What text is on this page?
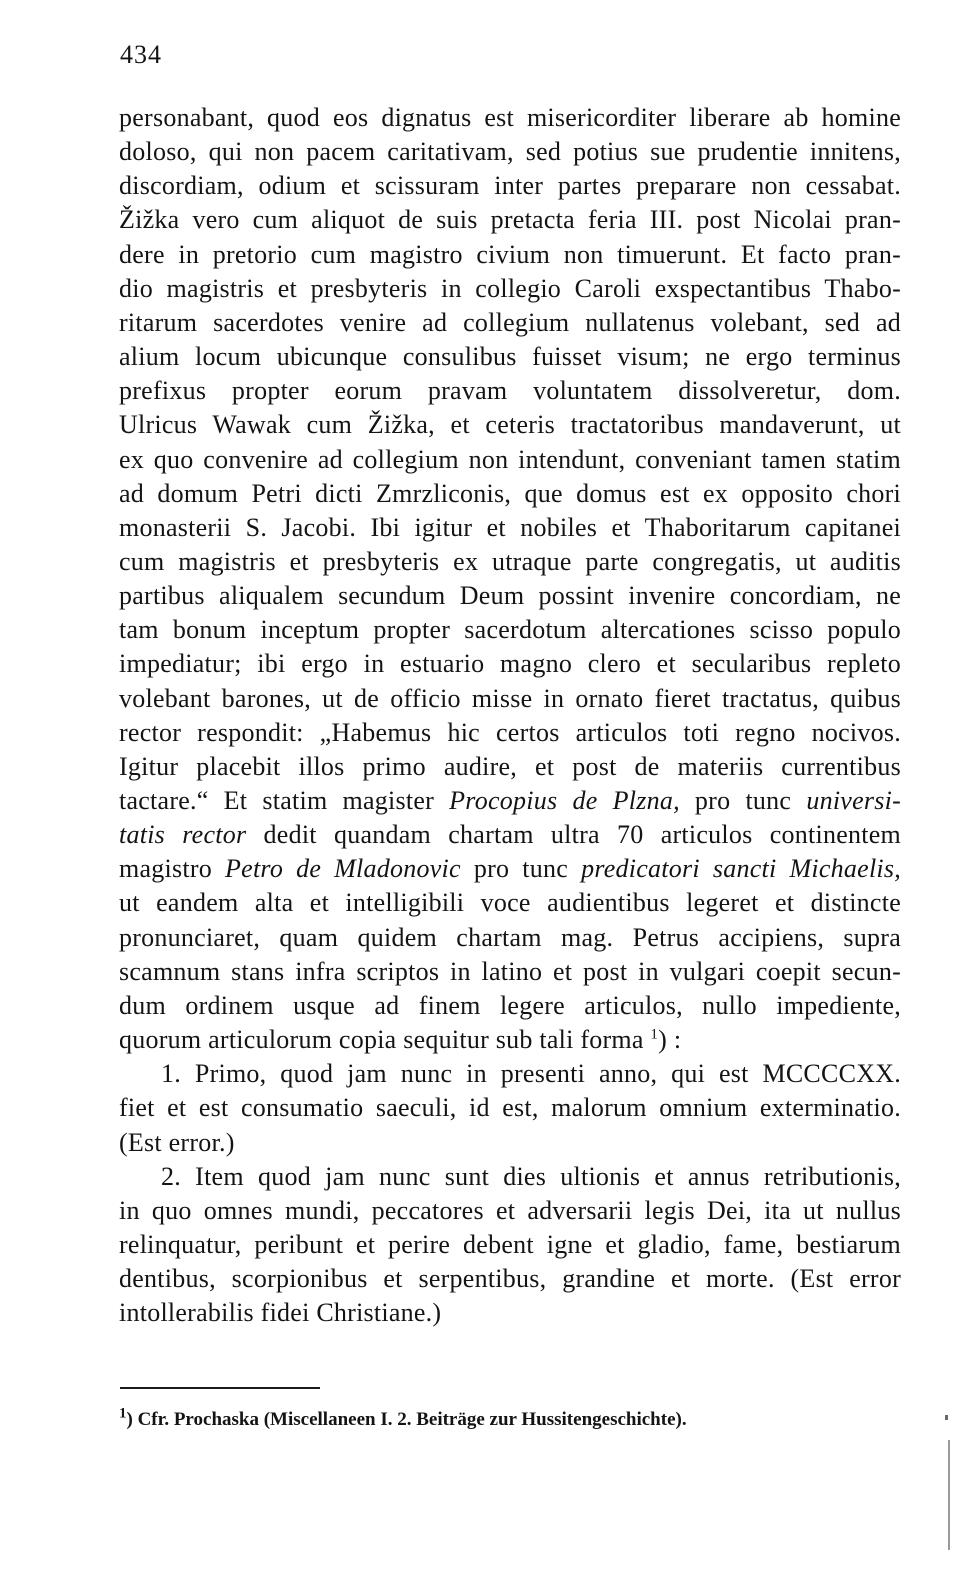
434
personabant, quod eos dignatus est misericorditer liberare ab homine
doloso, qui non pacem caritativam, sed potius sue prudentie innitens,
discordiam, odium et scissuram inter partes preparare non cessabat.
Žižka vero cum aliquot de suis pretacta feria III. post Nicolai pran-
dere in pretorio cum magistro civium non timuerunt. Et facto pran-
dio magistris et presbyteris in collegio Caroli exspectantibus Thabo-
ritarum sacerdotes venire ad collegium nullatenus volebant, sed ad
alium locum ubicunque consulibus fuisset visum; ne ergo terminus
prefixus propter eorum pravam voluntatem dissolveretur, dom.
Ulricus Wawak cum Žižka, et ceteris tractatoribus mandaverunt, ut
ex quo convenire ad collegium non intendunt, conveniant tamen statim
ad domum Petri dicti Zmrzliconis, que domus est ex opposito chori
monasterii S. Jacobi. Ibi igitur et nobiles et Thaboritarum capitanei
cum magistris et presbyteris ex utraque parte congregatis, ut auditis
partibus aliqualem secundum Deum possint invenire concordiam, ne
tam bonum inceptum propter sacerdotum altercationes scisso populo
impediatur; ibi ergo in estuario magno clero et secularibus repleto
volebant barones, ut de officio misse in ornato fieret tractatus, quibus
rector respondit: „Habemus hic certos articulos toti regno nocivos.
Igitur placebit illos primo audire, et post de materiis currentibus
tactare.“ Et statim magister Procopius de Plzna, pro tunc universi-
tatis rector dedit quandam chartam ultra 70 articulos continentem
magistro Petro de Mladonovic pro tunc predicatori sancti Michaelis,
ut eandem alta et intelligibili voce audientibus legeret et distincte
pronunciaret, quam quidem chartam mag. Petrus accipiens, supra
scamnum stans infra scriptos in latino et post in vulgari coepit secun-
dum ordinem usque ad finem legere articulos, nullo impediente,
quorum articulorum copia sequitur sub tali forma $^1$) :
1. Primo, quod jam nunc in presenti anno, qui est MCCCCXX.
fiet et est consumatio saeculi, id est, malorum omnium exterminatio.
(Est error.)
2. Item quod jam nunc sunt dies ultionis et annus retributionis,
in quo omnes mundi, peccatores et adversarii legis Dei, ita ut nullus
relinquatur, peribunt et perire debent igne et gladio, fame, bestiarum
dentibus, scorpionibus et serpentibus, grandine et morte. (Est error
intollerabilis fidei Christiane.)
$^1$) Cfr. Prochaska (Miscellaneen I. 2. Beiträge zur Hussitengeschichte).
